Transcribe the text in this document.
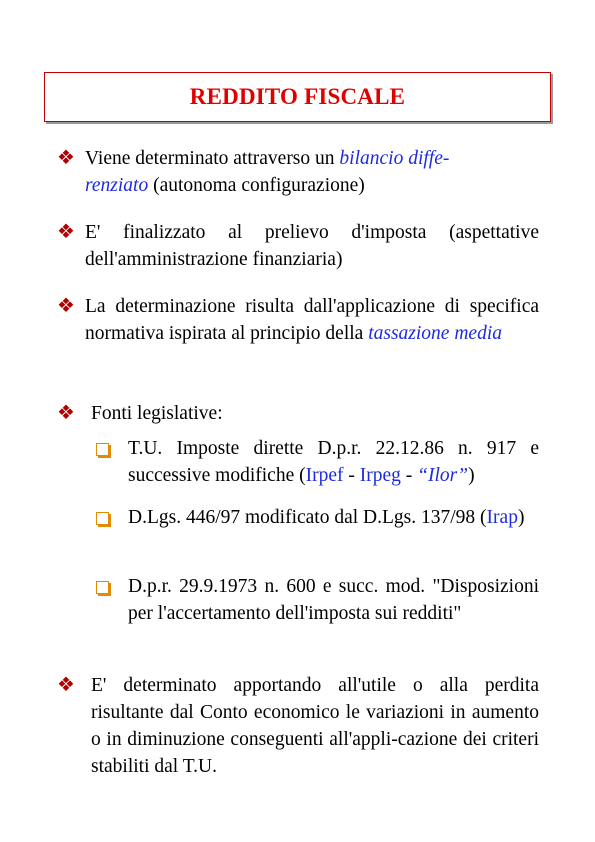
REDDITO FISCALE
❖ Viene determinato attraverso un bilancio diffe-
renziato (autonoma configurazione)
❖ E' finalizzato al prelievo d'imposta (aspettative dell'amministrazione finanziaria)
❖ La determinazione risulta dall'applicazione di specifica normativa ispirata al principio della tassazione media
❖ Fonti legislative:
T.U. Imposte dirette D.p.r. 22.12.86 n. 917 e successive modifiche (Irpef - Irpeg - “Ilor”)
D.Lgs. 446/97 modificato dal D.Lgs. 137/98 (Irap)
D.p.r. 29.9.1973 n. 600 e succ. mod. "Disposizioni per l'accertamento dell'imposta sui redditi"
❖ E' determinato apportando all'utile o alla perdita risultante dal Conto economico le variazioni in aumento o in diminuzione conseguenti all'appli-cazione dei criteri stabiliti dal T.U.
